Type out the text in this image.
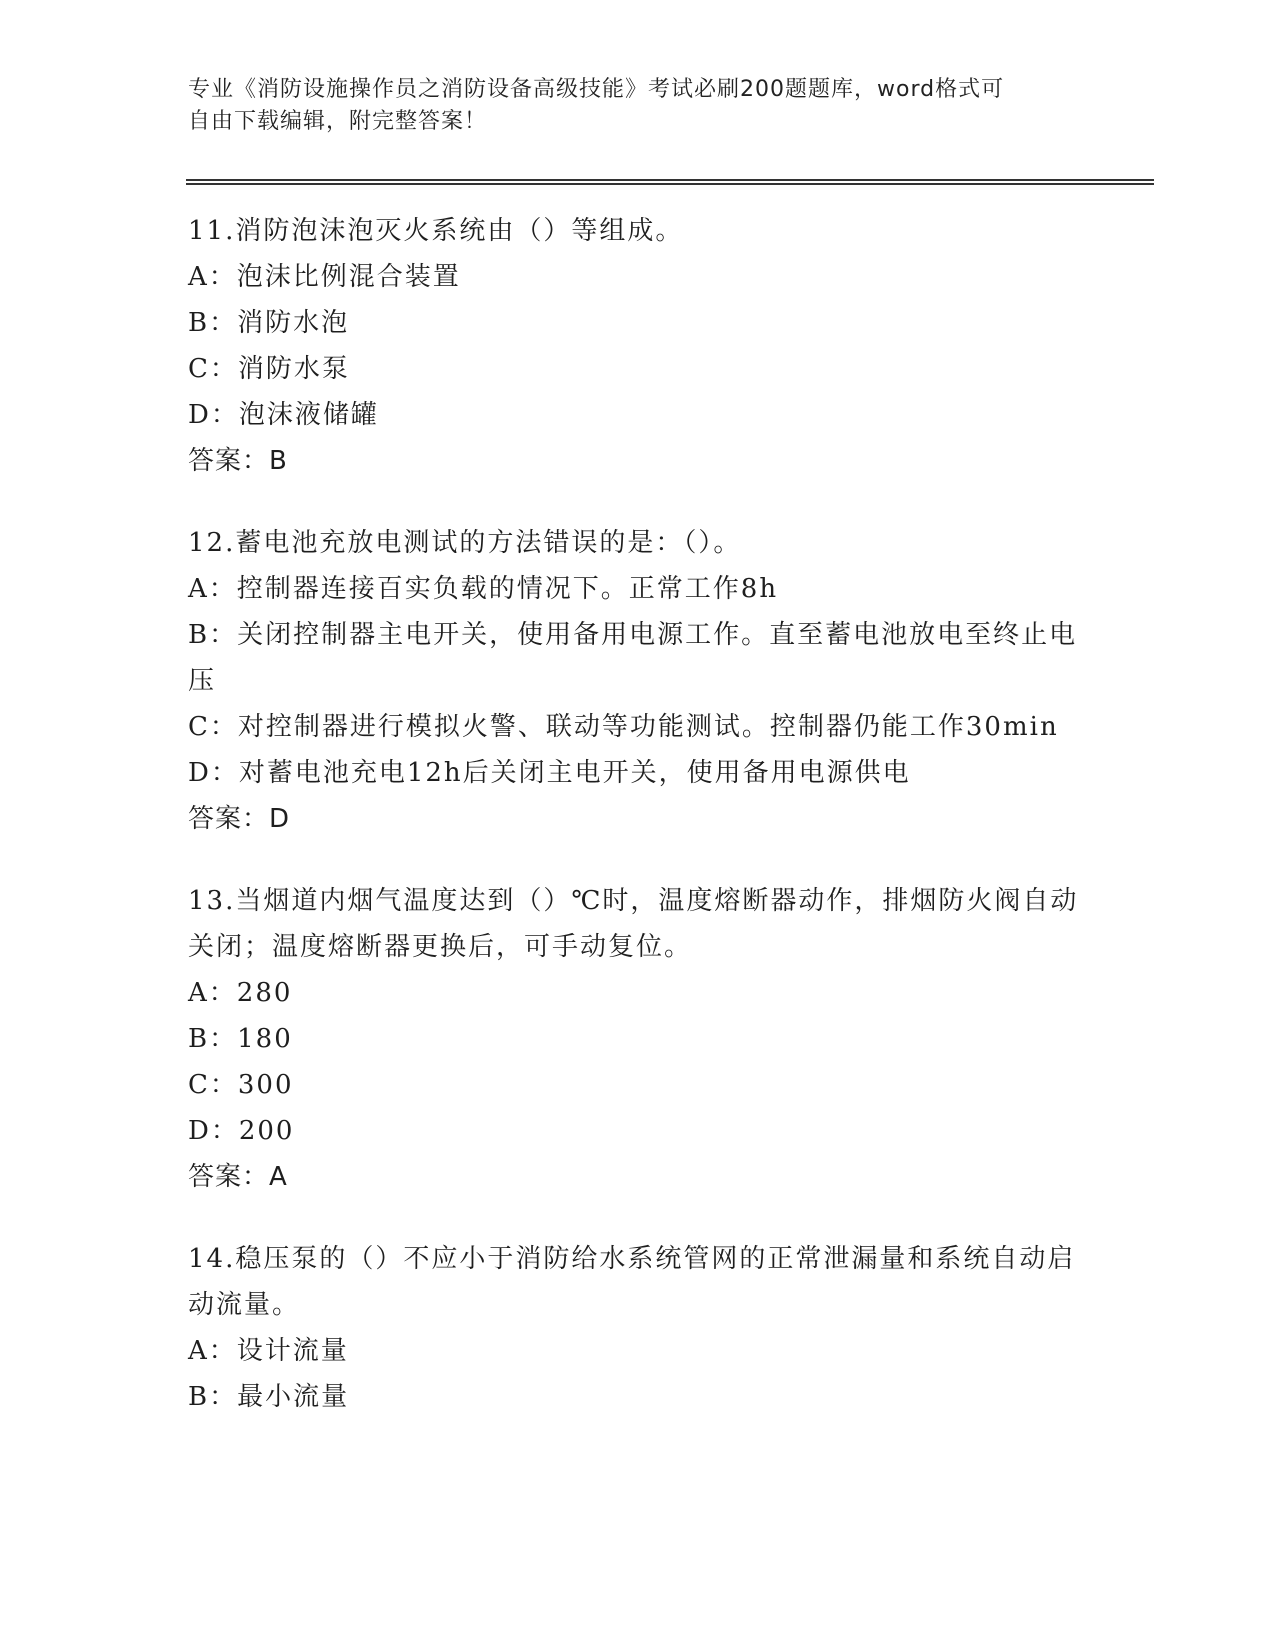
专业《消防设施操作员之消防设备高级技能》考试必刷200题题库，word格式可
自由下载编辑，附完整答案！
11.消防泡沫泡灭火系统由（）等组成。
A：泡沫比例混合装置
B：消防水泡
C：消防水泵
D：泡沫液储罐
答案：B
12.蓄电池充放电测试的方法错误的是：（）。
A：控制器连接百实负载的情况下。正常工作8h
B：关闭控制器主电开关，使用备用电源工作。直至蓄电池放电至终止电压
C：对控制器进行模拟火警、联动等功能测试。控制器仍能工作30min
D：对蓄电池充电12h后关闭主电开关，使用备用电源供电
答案：D
13.当烟道内烟气温度达到（）℃时，温度熔断器动作，排烟防火阀自动关闭；温度熔断器更换后，可手动复位。
A：280
B：180
C：300
D：200
答案：A
14.稳压泵的（）不应小于消防给水系统管网的正常泄漏量和系统自动启动流量。
A：设计流量
B：最小流量
